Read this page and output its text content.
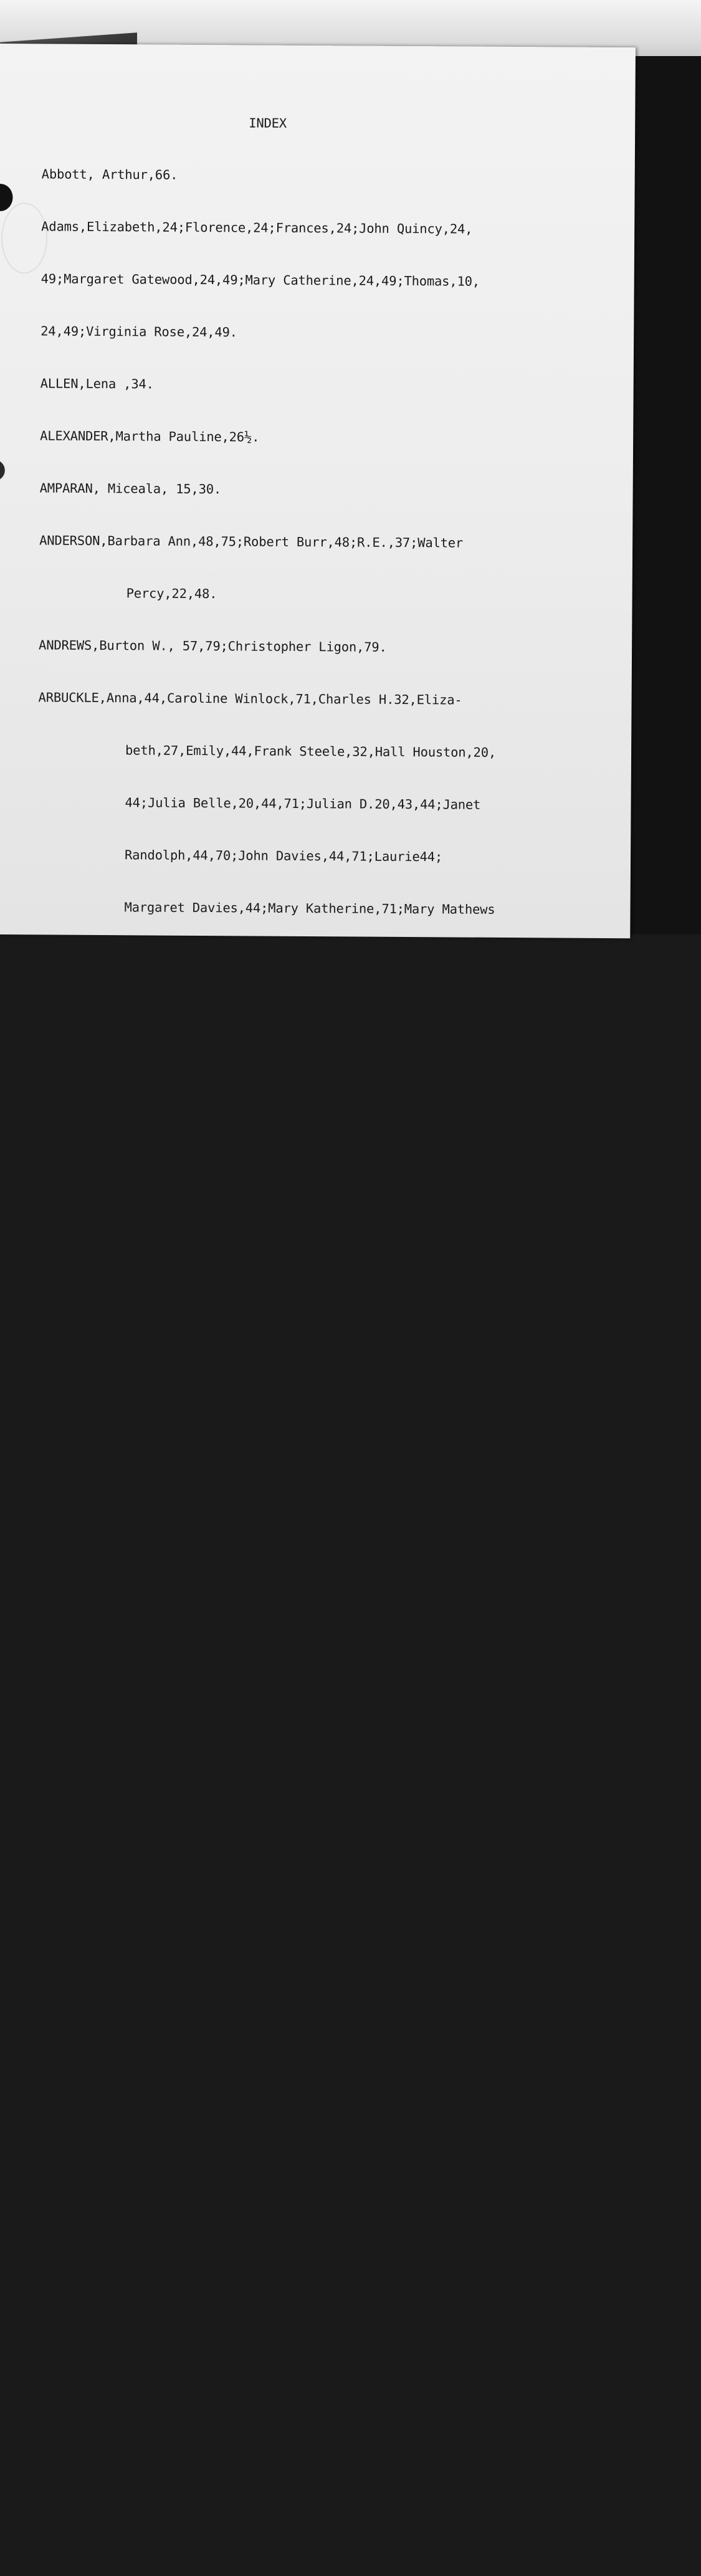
INDEX

Abbott, Arthur,66.

Adams,Elizabeth,24;Florence,24;Frances,24;John Quincy,24,

49;Margaret Gatewood,24,49;Mary Catherine,24,49;Thomas,10,

24,49;Virginia Rose,24,49.

ALLEN,Lena ,34.

ALEXANDER,Martha Pauline,26½.

AMPARAN, Miceala, 15,30.

ANDERSON,Barbara Ann,48,75;Robert Burr,48;R.E.,37;Walter

Percy,22,48.

ANDREWS,Burton W., 57,79;Christopher Ligon,79.

ARBUCKLE,Anna,44,Caroline Winlock,71,Charles H.32,Eliza-

beth,27,Emily,44,Frank Steele,32,Hall Houston,20,

44;Julia Belle,20,44,71;Julian D.20,43,44;Janet

Randolph,44,70;John Davies,44,71;Laurie44;

Margaret Davies,44;Mary Katherine,71;Mary Mathews

44;Mary Price,44;Philip M. Filmore,44.

ARNOLD,Ernest,28.

ARBOGAST, Alcinda,20.

BACKS, William H. 29.

BACH,Frederick,26,51;Joel,51, Laura,26,51;Margaret,51;

Paul,51.

BAKER,Harold

BAILEY,Lola,32.57.

BANKHEAD,Delia Edgar,54;Frances Howard,54,Jean Harding,54

John Harding,28,54.

BARKER,Demetris 31,Harold,40.

Barlow,Alice Louise,39;Asa Calvin,43;Joan 43;Mary Margaret

43;Nancy Ligon,43,Samuel Price,43.

BARNETT,Elizabeth Poage,46;Orvel Warren,22,46,Robt. W.46.

BARNES,Jennie 35,63.

BART,Mary Frances,66.

BATES, Bette Marguerita,74;Richard H.,47,74.

Barthelomew, George,38.

BAXTER,Rev.George,5 ____2,5.

BEALE,Margaret,1,3;Mary Elizabeth,9,19;Robert 3,8.

BEARD,Ada,18,39;Agnes18,39;Alice Lee,63;Ann Cameron,18;

Arnold,65;Carl G.30,56;Carl George,15;Carl Edgar,6,15,

17;Catherine Elizabeth,36,63;Charles Woods,8,17,Chris-

topher,37;Christopher Rusk,36,63;Clara,39,Carrie Lee40

Cora Mayo,38;Earl,65;Earl Bright,35;Edward,65;Edwin

Luther,19,39;Ella F;19;Elizabeth,37;Elizabeth Leith,62

Elizabeth Sherrard,38;Emmett Hevener,18,39;Ethel,39;

Eva May,35,62; Emmett Ethel,40;Frances Cameron,17,35;

Franklin Paul,39;Forrest Lee,19,39;George Annette,39;

George Cameron,18,39;George Plummer,19,40;George Wal-

lace,17,37;Grace Virena,18;Guy,65;Harry Franklin,39;
